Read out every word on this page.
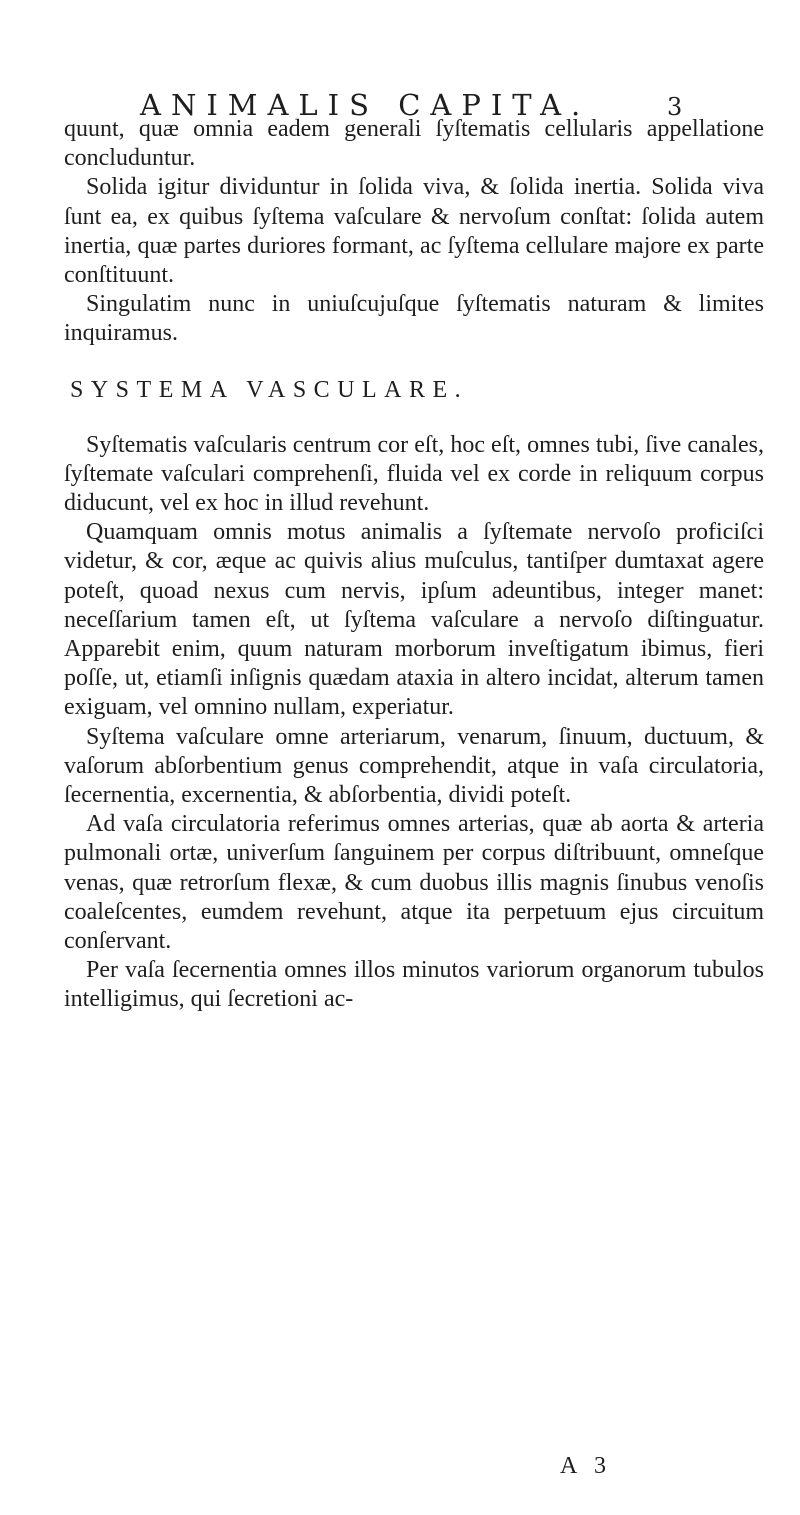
ANIMALIS CAPITA.	3

quunt, quæ omnia eadem generali ſyſtematis cellularis appellatione concluduntur.

Solida igitur dividuntur in ſolida viva, & ſolida inertia. Solida viva ſunt ea, ex quibus ſyſtema vaſculare & nervoſum conſtat: ſolida autem inertia, quæ partes duriores formant, ac ſyſtema cellulare majore ex parte conſtituunt.

Singulatim nunc in uniuſcujuſque ſyſtematis naturam & limites inquiramus.

SYSTEMA VASCULARE.

Syſtematis vaſcularis centrum cor eſt, hoc eſt, omnes tubi, ſive canales, ſyſtemate vaſculari comprehenſi, fluida vel ex corde in reliquum corpus diducunt, vel ex hoc in illud revehunt.

Quamquam omnis motus animalis a ſyſtemate nervoſo proficiſci videtur, & cor, æque ac quivis alius muſculus, tantiſper dumtaxat agere poteſt, quoad nexus cum nervis, ipſum adeuntibus, integer manet: neceſſarium tamen eſt, ut ſyſtema vaſculare a nervoſo diſtinguatur. Apparebit enim, quum naturam morborum inveſtigatum ibimus, fieri poſſe, ut, etiamſi inſignis quædam ataxia in altero incidat, alterum tamen exiguam, vel omnino nullam, experiatur.

Syſtema vaſculare omne arteriarum, venarum, ſinuum, ductuum, & vaſorum abſorbentium genus comprehendit, atque in vaſa circulatoria, ſecernentia, excernentia, & abſorbentia, dividi poteſt.

Ad vaſa circulatoria referimus omnes arterias, quæ ab aorta & arteria pulmonali ortæ, univerſum ſanguinem per corpus diſtribuunt, omneſque venas, quæ retrorſum flexæ, & cum duobus illis magnis ſinubus venoſis coaleſcentes, eumdem revehunt, atque ita perpetuum ejus circuitum conſervant.

Per vaſa ſecernentia omnes illos minutos variorum organorum tubulos intelligimus, qui ſecretioni ac-

A 3
